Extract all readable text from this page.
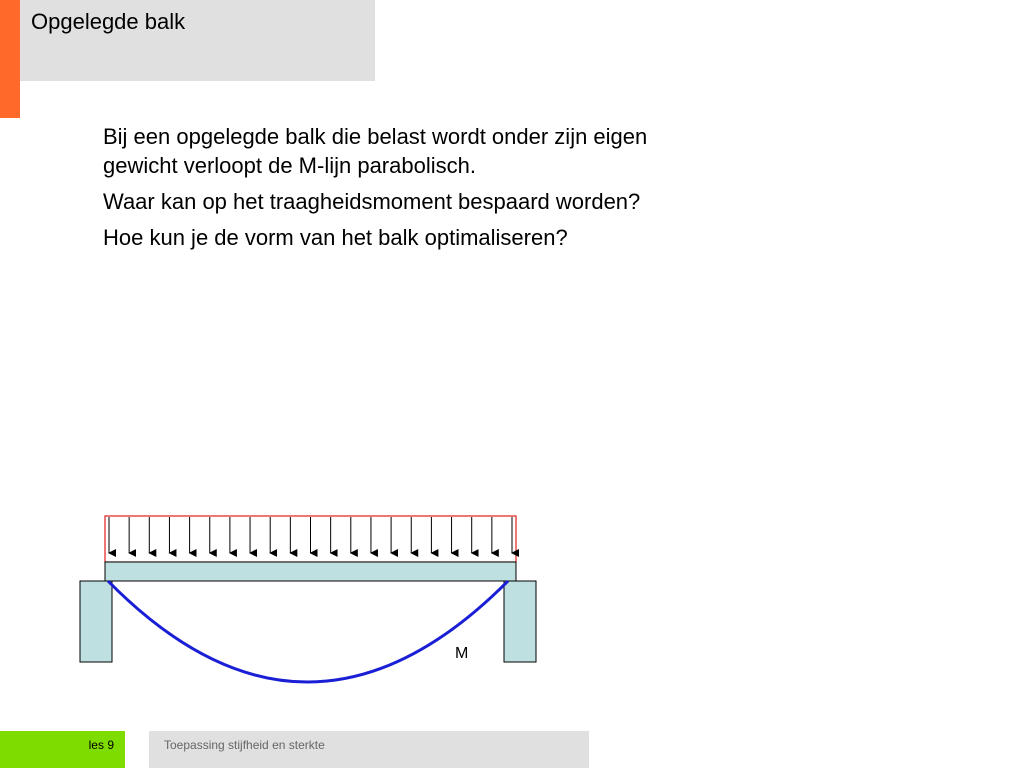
Opgelegde balk

Bij een opgelegde balk die belast wordt onder zijn eigen gewicht verloopt de M-lijn parabolisch.

Waar kan op het traagheidsmoment bespaard worden?

Hoe kun je de vorm van het balk optimaliseren?

M
les 9	Toepassing stijfheid en sterkte
